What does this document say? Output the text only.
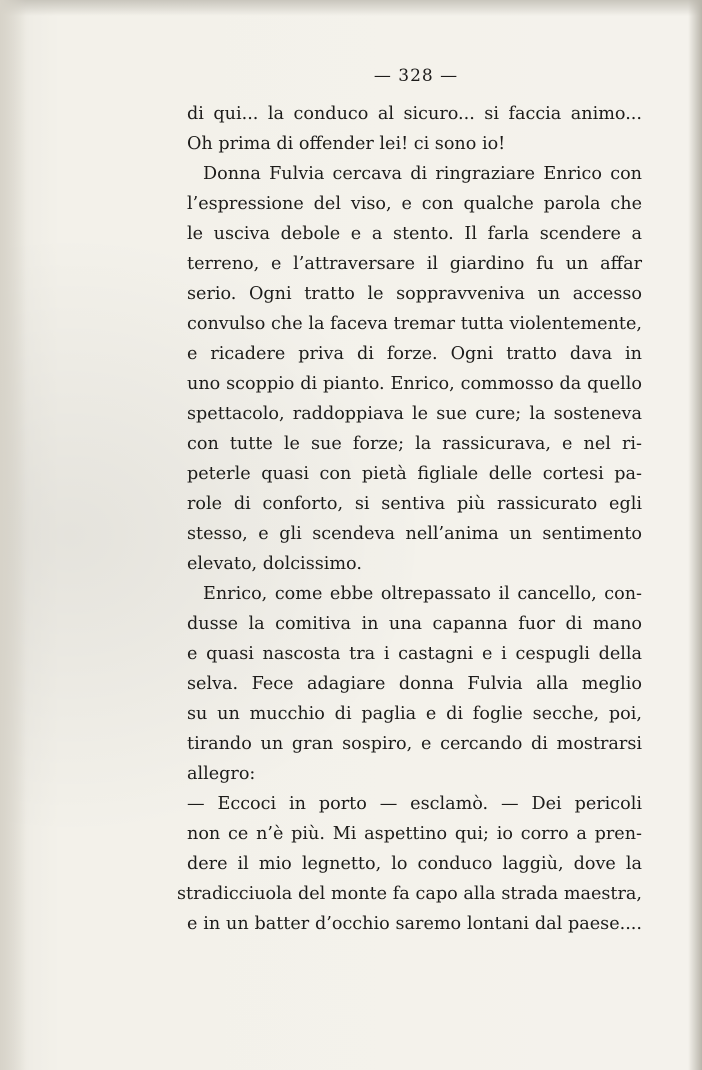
— 328 —
di qui... la conduco al sicuro... si faccia animo...
Oh prima di offender lei! ci sono io!
Donna Fulvia cercava di ringraziare Enrico con
l’espressione del viso, e con qualche parola che
le usciva debole e a stento. Il farla scendere a
terreno, e l’attraversare il giardino fu un affar
serio. Ogni tratto le soppravveniva un accesso
convulso che la faceva tremar tutta violentemente,
e ricadere priva di forze. Ogni tratto dava in
uno scoppio di pianto. Enrico, commosso da quello
spettacolo, raddoppiava le sue cure; la sosteneva
con tutte le sue forze; la rassicurava, e nel ri-
peterle quasi con pietà figliale delle cortesi pa-
role di conforto, si sentiva più rassicurato egli
stesso, e gli scendeva nell’anima un sentimento
elevato, dolcissimo.
Enrico, come ebbe oltrepassato il cancello, con-
dusse la comitiva in una capanna fuor di mano
e quasi nascosta tra i castagni e i cespugli della
selva. Fece adagiare donna Fulvia alla meglio
su un mucchio di paglia e di foglie secche, poi,
tirando un gran sospiro, e cercando di mostrarsi
allegro:
— Eccoci in porto — esclamò. — Dei pericoli
non ce n’è più. Mi aspettino qui; io corro a pren-
dere il mio legnetto, lo conduco laggiù, dove la
stradicciuola del monte fa capo alla strada maestra,
e in un batter d’occhio saremo lontani dal paese....
